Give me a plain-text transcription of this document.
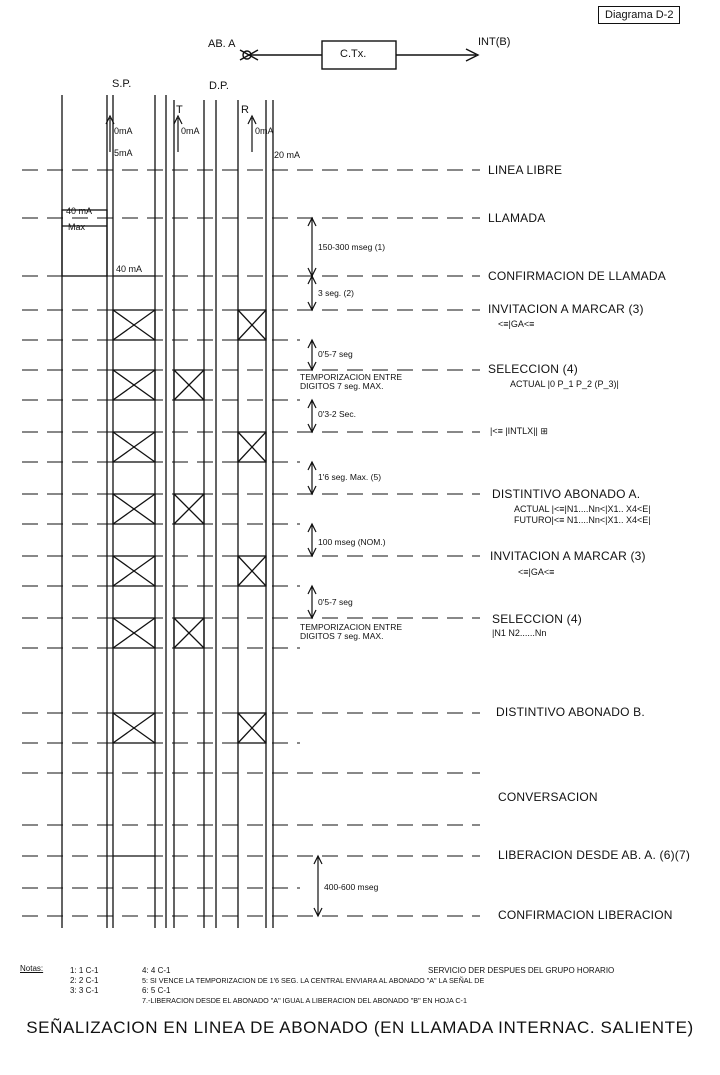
Diagrama D-2
AB. A
C.Tx.
INT(B)
S.P.	D.P.
T	R
0mA
5mA
0mA	0mA
20 mA
40 mA
Max
40 mA
LINEA LIBRE
LLAMADA
CONFIRMACION DE LLAMADA
INVITACION A MARCAR (3)
<≡|GA<≡
SELECCION (4)
ACTUAL |0 P_1 P_2 (P_3)|
|<≡ |INTLX|| ⊞
DISTINTIVO ABONADO A.
ACTUAL |<≡|N1....Nn<|X1.. X4<E|
FUTURO|<≡ N1....Nn<|X1.. X4<E|
INVITACION A MARCAR (3)
<≡|GA<≡
SELECCION (4)
|N1 N2......Nn
DISTINTIVO ABONADO B.
CONVERSACION
LIBERACION DESDE AB. A. (6)(7)
CONFIRMACION LIBERACION
150-300 mseg (1)
3 seg. (2)
0'5-7 seg
TEMPORIZACION ENTRE
DIGITOS 7 seg. MAX.
0'3-2 Sec.
1'6 seg. Max. (5)
100 mseg (NOM.)
0'5-7 seg
TEMPORIZACION ENTRE
DIGITOS 7 seg. MAX.
400-600 mseg
Notas:	1: 1 C-1
2: 2 C-1
3: 3 C-1
4: 4 C-1	SERVICIO DER DESPUES DEL GRUPO HORARIO
5: SI VENCE LA TEMPORIZACION DE 1'6 SEG. LA CENTRAL ENVIARA AL ABONADO "A" LA SEÑAL DE
6: 5 C-1
7.-LIBERACION DESDE EL ABONADO "A" IGUAL A LIBERACION DEL ABONADO "B" EN HOJA C-1
SEÑALIZACION EN LINEA DE ABONADO (EN LLAMADA INTERNAC. SALIENTE)
